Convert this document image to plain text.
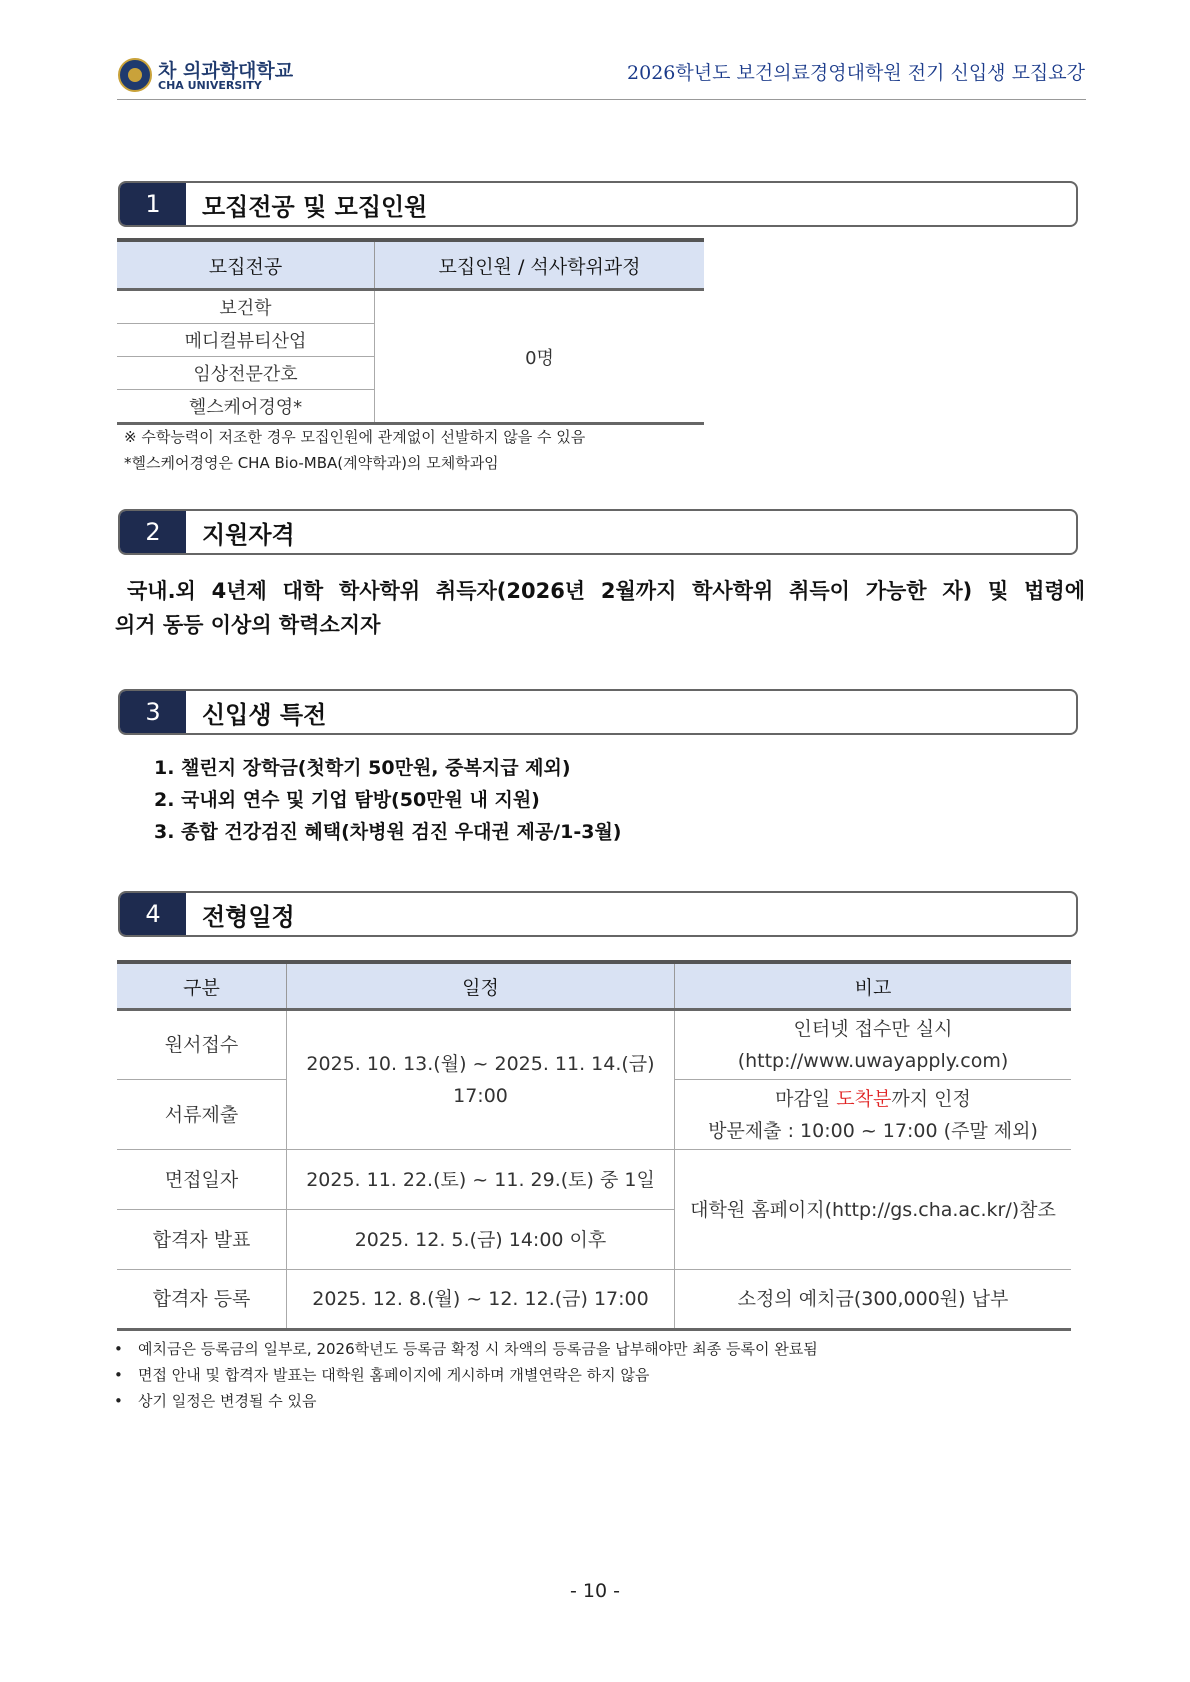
차 의과학대학교
CHA UNIVERSITY
2026학년도 보건의료경영대학원 전기 신입생 모집요강
1	모집전공 및 모집인원
모집전공	모집인원 / 석사학위과정
보건학	0명
메디컬뷰티산업	
임상전문간호	
헬스케어경영*	
※ 수학능력이 저조한 경우 모집인원에 관계없이 선발하지 않을 수 있음
*헬스케어경영은 CHA Bio-MBA(계약학과)의 모체학과임
2	지원자격
국내.외 4년제 대학 학사학위 취득자(2026년 2월까지 학사학위 취득이 가능한 자) 및 법령에
의거 동등 이상의 학력소지자
3	신입생 특전
1. 챌린지 장학금(첫학기 50만원, 중복지급 제외)
2. 국내외 연수 및 기업 탐방(50만원 내 지원)
3. 종합 건강검진 혜택(차병원 검진 우대권 제공/1-3월)
4	전형일정
구분	일정	비고
원서접수	2025. 10. 13.(월) ~ 2025. 11. 14.(금) 17:00	인터넷 접수만 실시
(http://www.uwayapply.com)

서류제출		마감일 도착분까지 인정
방문제출 : 10:00 ~ 17:00 (주말 제외)

면접일자	2025. 11. 22.(토) ~ 11. 29.(토) 중 1일	대학원 홈페이지(http://gs.cha.ac.kr/)참조
합격자 발표	2025. 12. 5.(금) 14:00 이후	
합격자 등록	2025. 12. 8.(월) ~ 12. 12.(금) 17:00	소정의 예치금(300,000원) 납부
• 예치금은 등록금의 일부로, 2026학년도 등록금 확정 시 차액의 등록금을 납부해야만 최종 등록이 완료됨
• 면접 안내 및 합격자 발표는 대학원 홈페이지에 게시하며 개별연락은 하지 않음
• 상기 일정은 변경될 수 있음
- 10 -
